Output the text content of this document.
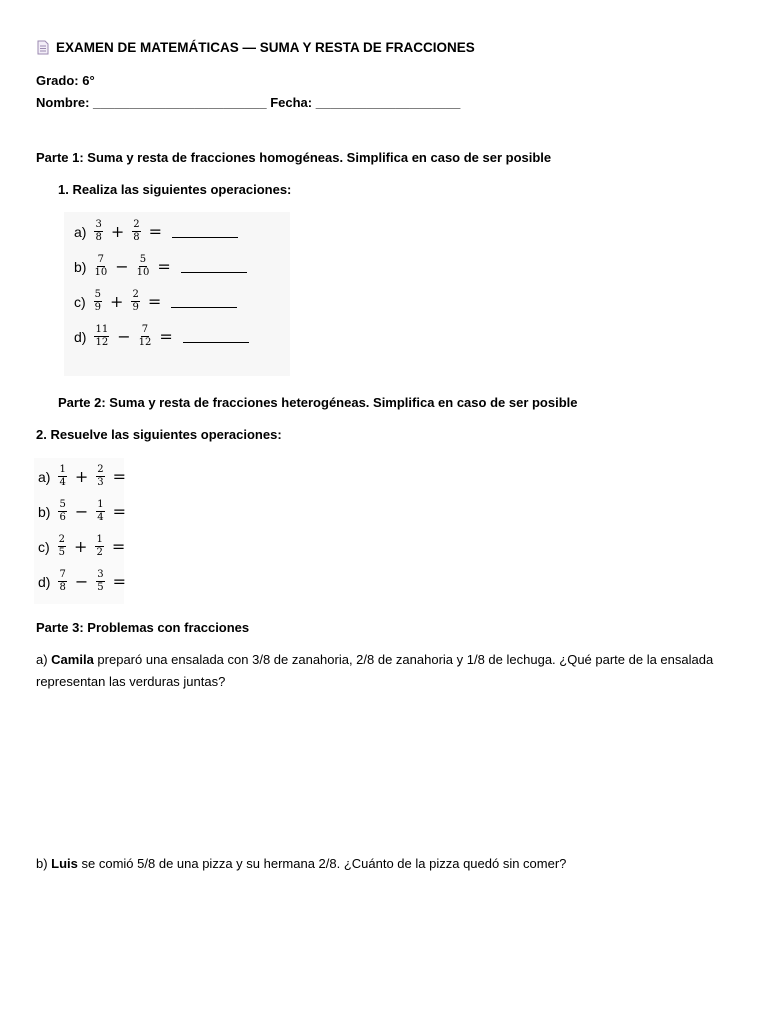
EXAMEN DE MATEMÁTICAS — SUMA Y RESTA DE FRACCIONES
Grado: 6°
Nombre: ________________________ Fecha: ____________________
Parte 1: Suma y resta de fracciones homogéneas. Simplifica en caso de ser posible
1. Realiza las siguientes operaciones:
$a) \frac{3}{8} + \frac{2}{8}$ =
$b) \frac{7}{10} - \frac{5}{10}$ =
$c) \frac{5}{9} + \frac{2}{9}$ =
$d) \frac{11}{12} - \frac{7}{12}$ =
Parte 2: Suma y resta de fracciones heterogéneas. Simplifica en caso de ser posible
2. Resuelve las siguientes operaciones:
$a) \frac{1}{4} + \frac{2}{3}$ =
$b) \frac{5}{6} - \frac{1}{4}$ =
$c) \frac{2}{5} + \frac{1}{2}$ =
$d) \frac{7}{8} - \frac{3}{5}$ =
Parte 3: Problemas con fracciones
a) Camila preparó una ensalada con 3/8 de zanahoria, 2/8 de zanahoria y 1/8 de lechuga. ¿Qué parte de la ensalada representan las verduras juntas?
b) Luis se comió 5/8 de una pizza y su hermana 2/8. ¿Cuánto de la pizza quedó sin comer?
